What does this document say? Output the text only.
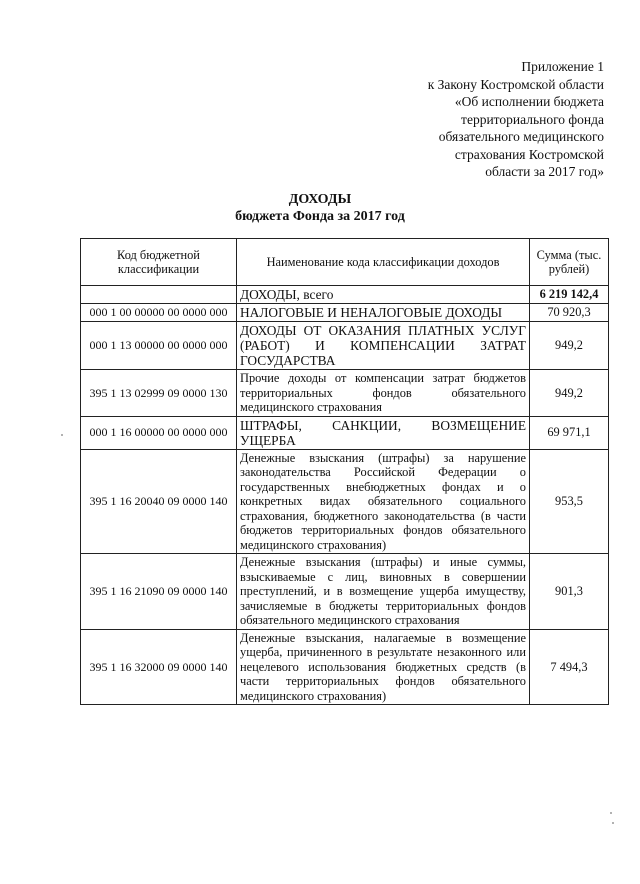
Приложение 1
к Закону Костромской области
«Об исполнении бюджета
территориального фонда
обязательного медицинского
страхования Костромской
области за 2017 год»
ДОХОДЫ
бюджета Фонда за 2017 год
Код бюджетной классификации	Наименование кода классификации доходов	Сумма (тыс. рублей)
	ДОХОДЫ, всего	6 219 142,4
000 1 00 00000 00 0000 000	НАЛОГОВЫЕ И НЕНАЛОГОВЫЕ ДОХОДЫ	70 920,3
000 1 13 00000 00 0000 000	ДОХОДЫ ОТ ОКАЗАНИЯ ПЛАТНЫХ УСЛУГ (РАБОТ) И КОМПЕНСАЦИИ ЗАТРАТ ГОСУДАРСТВА	949,2
395 1 13 02999 09 0000 130	Прочие доходы от компенсации затрат бюджетов территориальных фондов обязательного медицинского страхования	949,2
000 1 16 00000 00 0000 000	ШТРАФЫ, САНКЦИИ, ВОЗМЕЩЕНИЕ УЩЕРБА	69 971,1
395 1 16 20040 09 0000 140	Денежные взыскания (штрафы) за нарушение законодательства Российской Федерации о государственных внебюджетных фондах и о конкретных видах обязательного социального страхования, бюджетного законодательства (в части бюджетов территориальных фондов обязательного медицинского страхования)	953,5
395 1 16 21090 09 0000 140	Денежные взыскания (штрафы) и иные суммы, взыскиваемые с лиц, виновных в совершении преступлений, и в возмещение ущерба имуществу, зачисляемые в бюджеты территориальных фондов обязательного медицинского страхования	901,3
395 1 16 32000 09 0000 140	Денежные взыскания, налагаемые в возмещение ущерба, причиненного в результате незаконного или нецелевого использования бюджетных средств (в части территориальных фондов обязательного медицинского страхования)	7 494,3
